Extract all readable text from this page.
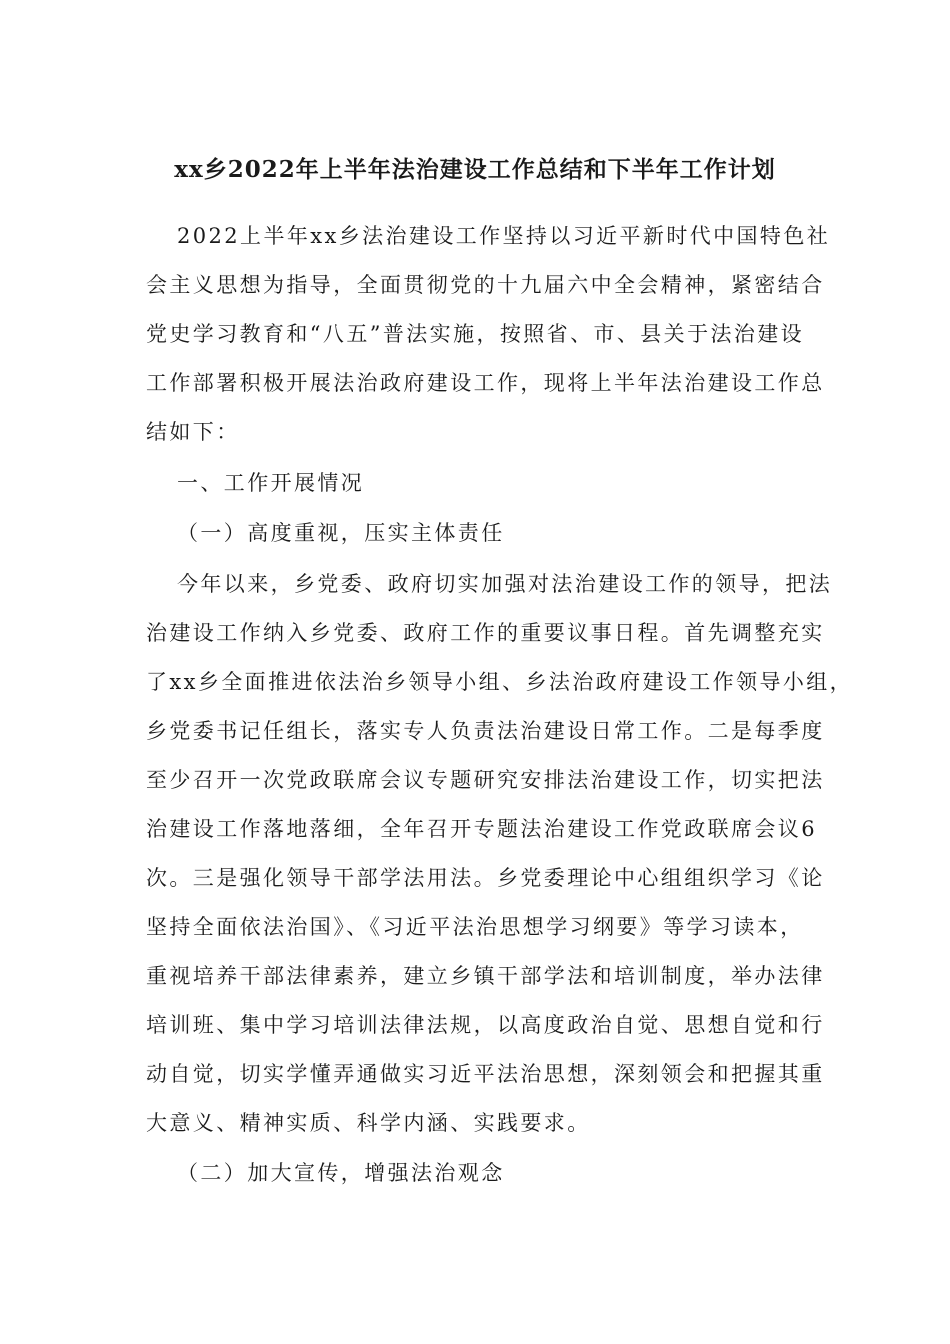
xx乡2022年上半年法治建设工作总结和下半年工作计划

2022上半年xx乡法治建设工作坚持以习近平新时代中国特色社

会主义思想为指导，全面贯彻党的十九届六中全会精神，紧密结合

党史学习教育和“八五”普法实施，按照省、市、县关于法治建设

工作部署积极开展法治政府建设工作，现将上半年法治建设工作总

结如下：

一、工作开展情况

（一）高度重视，压实主体责任

今年以来，乡党委、政府切实加强对法治建设工作的领导，把法

治建设工作纳入乡党委、政府工作的重要议事日程。首先调整充实

了xx乡全面推进依法治乡领导小组、乡法治政府建设工作领导小组，

乡党委书记任组长，落实专人负责法治建设日常工作。二是每季度

至少召开一次党政联席会议专题研究安排法治建设工作，切实把法

治建设工作落地落细，全年召开专题法治建设工作党政联席会议6

次。三是强化领导干部学法用法。乡党委理论中心组组织学习《论

坚持全面依法治国》、《习近平法治思想学习纲要》等学习读本，

重视培养干部法律素养，建立乡镇干部学法和培训制度，举办法律

培训班、集中学习培训法律法规，以高度政治自觉、思想自觉和行

动自觉，切实学懂弄通做实习近平法治思想，深刻领会和把握其重

大意义、精神实质、科学内涵、实践要求。

（二）加大宣传，增强法治观念
